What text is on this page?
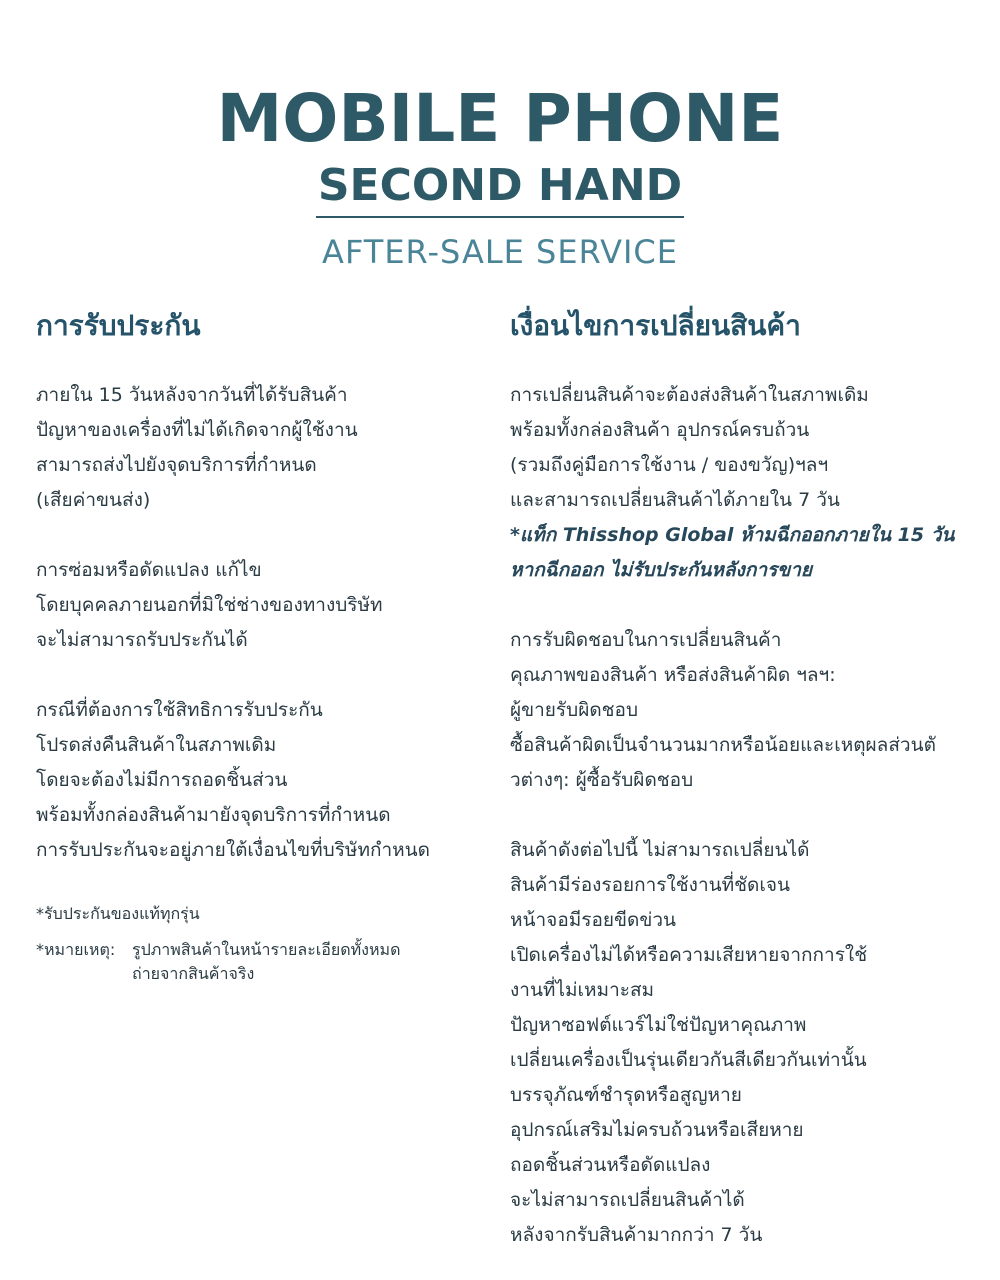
MOBILE PHONE
SECOND HAND
AFTER-SALE SERVICE
การรับประกัน
ภายใน 15 วันหลังจากวันที่ได้รับสินค้า
ปัญหาของเครื่องที่ไม่ได้เกิดจากผู้ใช้งาน
สามารถส่งไปยังจุดบริการที่กำหนด
(เสียค่าขนส่ง)
การซ่อมหรือดัดแปลง แก้ไข
โดยบุคคลภายนอกที่มิใช่ช่างของทางบริษัท
จะไม่สามารถรับประกันได้
กรณีที่ต้องการใช้สิทธิการรับประกัน
โปรดส่งคืนสินค้าในสภาพเดิม
โดยจะต้องไม่มีการถอดชิ้นส่วน
พร้อมทั้งกล่องสินค้ามายังจุดบริการที่กำหนด
การรับประกันจะอยู่ภายใต้เงื่อนไขที่บริษัทกำหนด
*รับประกันของแท้ทุกรุ่น
*หมายเหตุ:	รูปภาพสินค้าในหน้ารายละเอียดทั้งหมด
ถ่ายจากสินค้าจริง
เงื่อนไขการเปลี่ยนสินค้า
การเปลี่ยนสินค้าจะต้องส่งสินค้าในสภาพเดิม
พร้อมทั้งกล่องสินค้า อุปกรณ์ครบถ้วน
(รวมถึงคู่มือการใช้งาน / ของขวัญ)ฯลฯ
และสามารถเปลี่ยนสินค้าได้ภายใน 7 วัน
*แท็ก Thisshop Global ห้ามฉีกออกภายใน 15 วัน
หากฉีกออก ไม่รับประกันหลังการขาย
การรับผิดชอบในการเปลี่ยนสินค้า
คุณภาพของสินค้า หรือส่งสินค้าผิด ฯลฯ:
ผู้ขายรับผิดชอบ
ซื้อสินค้าผิดเป็นจำนวนมากหรือน้อยและเหตุผลส่วนตั
วต่างๆ: ผู้ซื้อรับผิดชอบ
สินค้าดังต่อไปนี้ ไม่สามารถเปลี่ยนได้
สินค้ามีร่องรอยการใช้งานที่ชัดเจน
หน้าจอมีรอยขีดข่วน
เปิดเครื่องไม่ได้หรือความเสียหายจากการใช้
งานที่ไม่เหมาะสม
ปัญหาซอฟต์แวร์ไม่ใช่ปัญหาคุณภาพ
เปลี่ยนเครื่องเป็นรุ่นเดียวกันสีเดียวกันเท่านั้น
บรรจุภัณฑ์ชำรุดหรือสูญหาย
อุปกรณ์เสริมไม่ครบถ้วนหรือเสียหาย
ถอดชิ้นส่วนหรือดัดแปลง
จะไม่สามารถเปลี่ยนสินค้าได้
หลังจากรับสินค้ามากกว่า 7 วัน
